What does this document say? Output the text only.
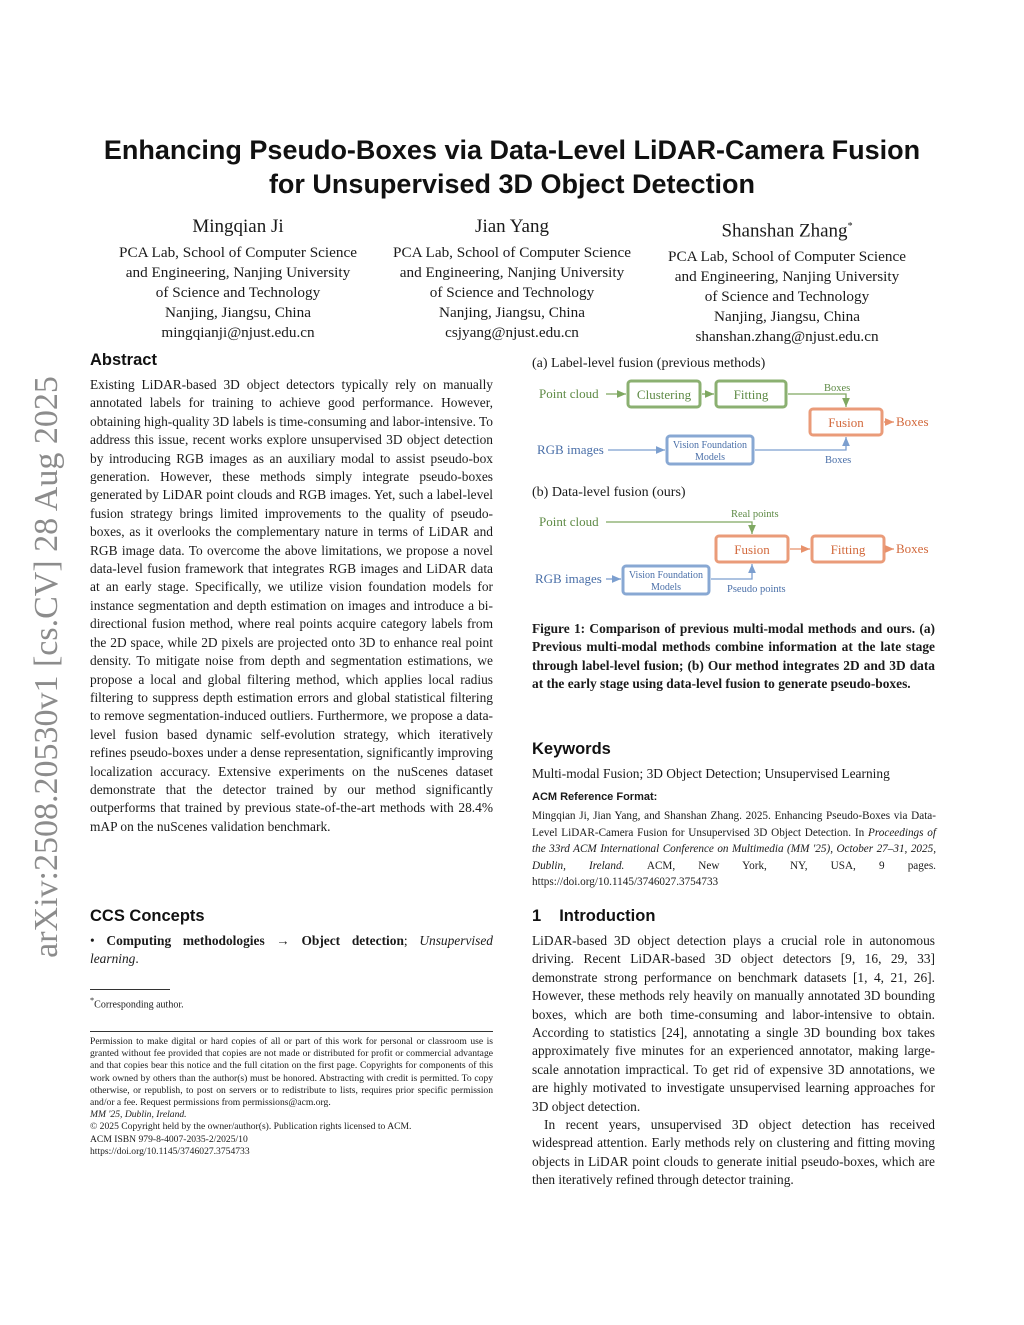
arXiv:2508.20530v1 [cs.CV] 28 Aug 2025
Enhancing Pseudo-Boxes via Data-Level LiDAR-Camera Fusion
for Unsupervised 3D Object Detection
Mingqian Ji
PCA Lab, School of Computer Science
and Engineering, Nanjing University
of Science and Technology
Nanjing, Jiangsu, China
mingqianji@njust.edu.cn
Jian Yang
PCA Lab, School of Computer Science
and Engineering, Nanjing University
of Science and Technology
Nanjing, Jiangsu, China
csjyang@njust.edu.cn
Shanshan Zhang*
PCA Lab, School of Computer Science
and Engineering, Nanjing University
of Science and Technology
Nanjing, Jiangsu, China
shanshan.zhang@njust.edu.cn
Abstract
Existing LiDAR-based 3D object detectors typically rely on manually annotated labels for training to achieve good performance. However, obtaining high-quality 3D labels is time-consuming and labor-intensive. To address this issue, recent works explore unsupervised 3D object detection by introducing RGB images as an auxiliary modal to assist pseudo-box generation. However, these methods simply integrate pseudo-boxes generated by LiDAR point clouds and RGB images. Yet, such a label-level fusion strategy brings limited improvements to the quality of pseudo-boxes, as it overlooks the complementary nature in terms of LiDAR and RGB image data. To overcome the above limitations, we propose a novel data-level fusion framework that integrates RGB images and LiDAR data at an early stage. Specifically, we utilize vision foundation models for instance segmentation and depth estimation on images and introduce a bi-directional fusion method, where real points acquire category labels from the 2D space, while 2D pixels are projected onto 3D to enhance real point density. To mitigate noise from depth and segmentation estimations, we propose a local and global filtering method, which applies local radius filtering to suppress depth estimation errors and global statistical filtering to remove segmentation-induced outliers. Furthermore, we propose a data-level fusion based dynamic self-evolution strategy, which iteratively refines pseudo-boxes under a dense representation, significantly improving localization accuracy. Extensive experiments on the nuScenes dataset demonstrate that the detector trained by our method significantly outperforms that trained by previous state-of-the-art methods with 28.4% mAP on the nuScenes validation benchmark.
CCS Concepts
• Computing methodologies → Object detection; Unsupervised learning.
*Corresponding author.
Permission to make digital or hard copies of all or part of this work for personal or classroom use is granted without fee provided that copies are not made or distributed for profit or commercial advantage and that copies bear this notice and the full citation on the first page. Copyrights for components of this work owned by others than the author(s) must be honored. Abstracting with credit is permitted. To copy otherwise, or republish, to post on servers or to redistribute to lists, requires prior specific permission and/or a fee. Request permissions from permissions@acm.org.
MM '25, Dublin, Ireland.
© 2025 Copyright held by the owner/author(s). Publication rights licensed to ACM.
ACM ISBN 979-8-4007-2035-2/2025/10
https://doi.org/10.1145/3746027.3754733
(a) Label-level fusion (previous methods)
Point cloud	Clustering	Fitting	Boxes
Fusion Boxes
RGB images	Vision Foundation
Models	Boxes
(b) Data-level fusion (ours)
Point cloud	Real points
Fusion	Fitting Boxes
RGB images	Vision Foundation
Models	Pseudo points
Figure 1: Comparison of previous multi-modal methods and ours. (a) Previous multi-modal methods combine information at the late stage through label-level fusion; (b) Our method integrates 2D and 3D data at the early stage using data-level fusion to generate pseudo-boxes.
Keywords
Multi-modal Fusion; 3D Object Detection; Unsupervised Learning
ACM Reference Format:
Mingqian Ji, Jian Yang, and Shanshan Zhang. 2025. Enhancing Pseudo-Boxes via Data-Level LiDAR-Camera Fusion for Unsupervised 3D Object Detection. In Proceedings of the 33rd ACM International Conference on Multimedia (MM '25), October 27–31, 2025, Dublin, Ireland. ACM, New York, NY, USA, 9 pages. https://doi.org/10.1145/3746027.3754733
1 Introduction

LiDAR-based 3D object detection plays a crucial role in autonomous driving. Recent LiDAR-based 3D object detectors [9, 16, 29, 33] demonstrate strong performance on benchmark datasets [1, 4, 21, 26]. However, these methods rely heavily on manually annotated 3D bounding boxes, which are both time-consuming and labor-intensive to obtain. According to statistics [24], annotating a single 3D bounding box takes approximately five minutes for an experienced annotator, making large-scale annotation impractical. To get rid of expensive 3D annotations, we are highly motivated to investigate unsupervised learning approaches for 3D object detection.

In recent years, unsupervised 3D object detection has received widespread attention. Early methods rely on clustering and fitting moving objects in LiDAR point clouds to generate initial pseudo-boxes, which are then iteratively refined through detector training.
